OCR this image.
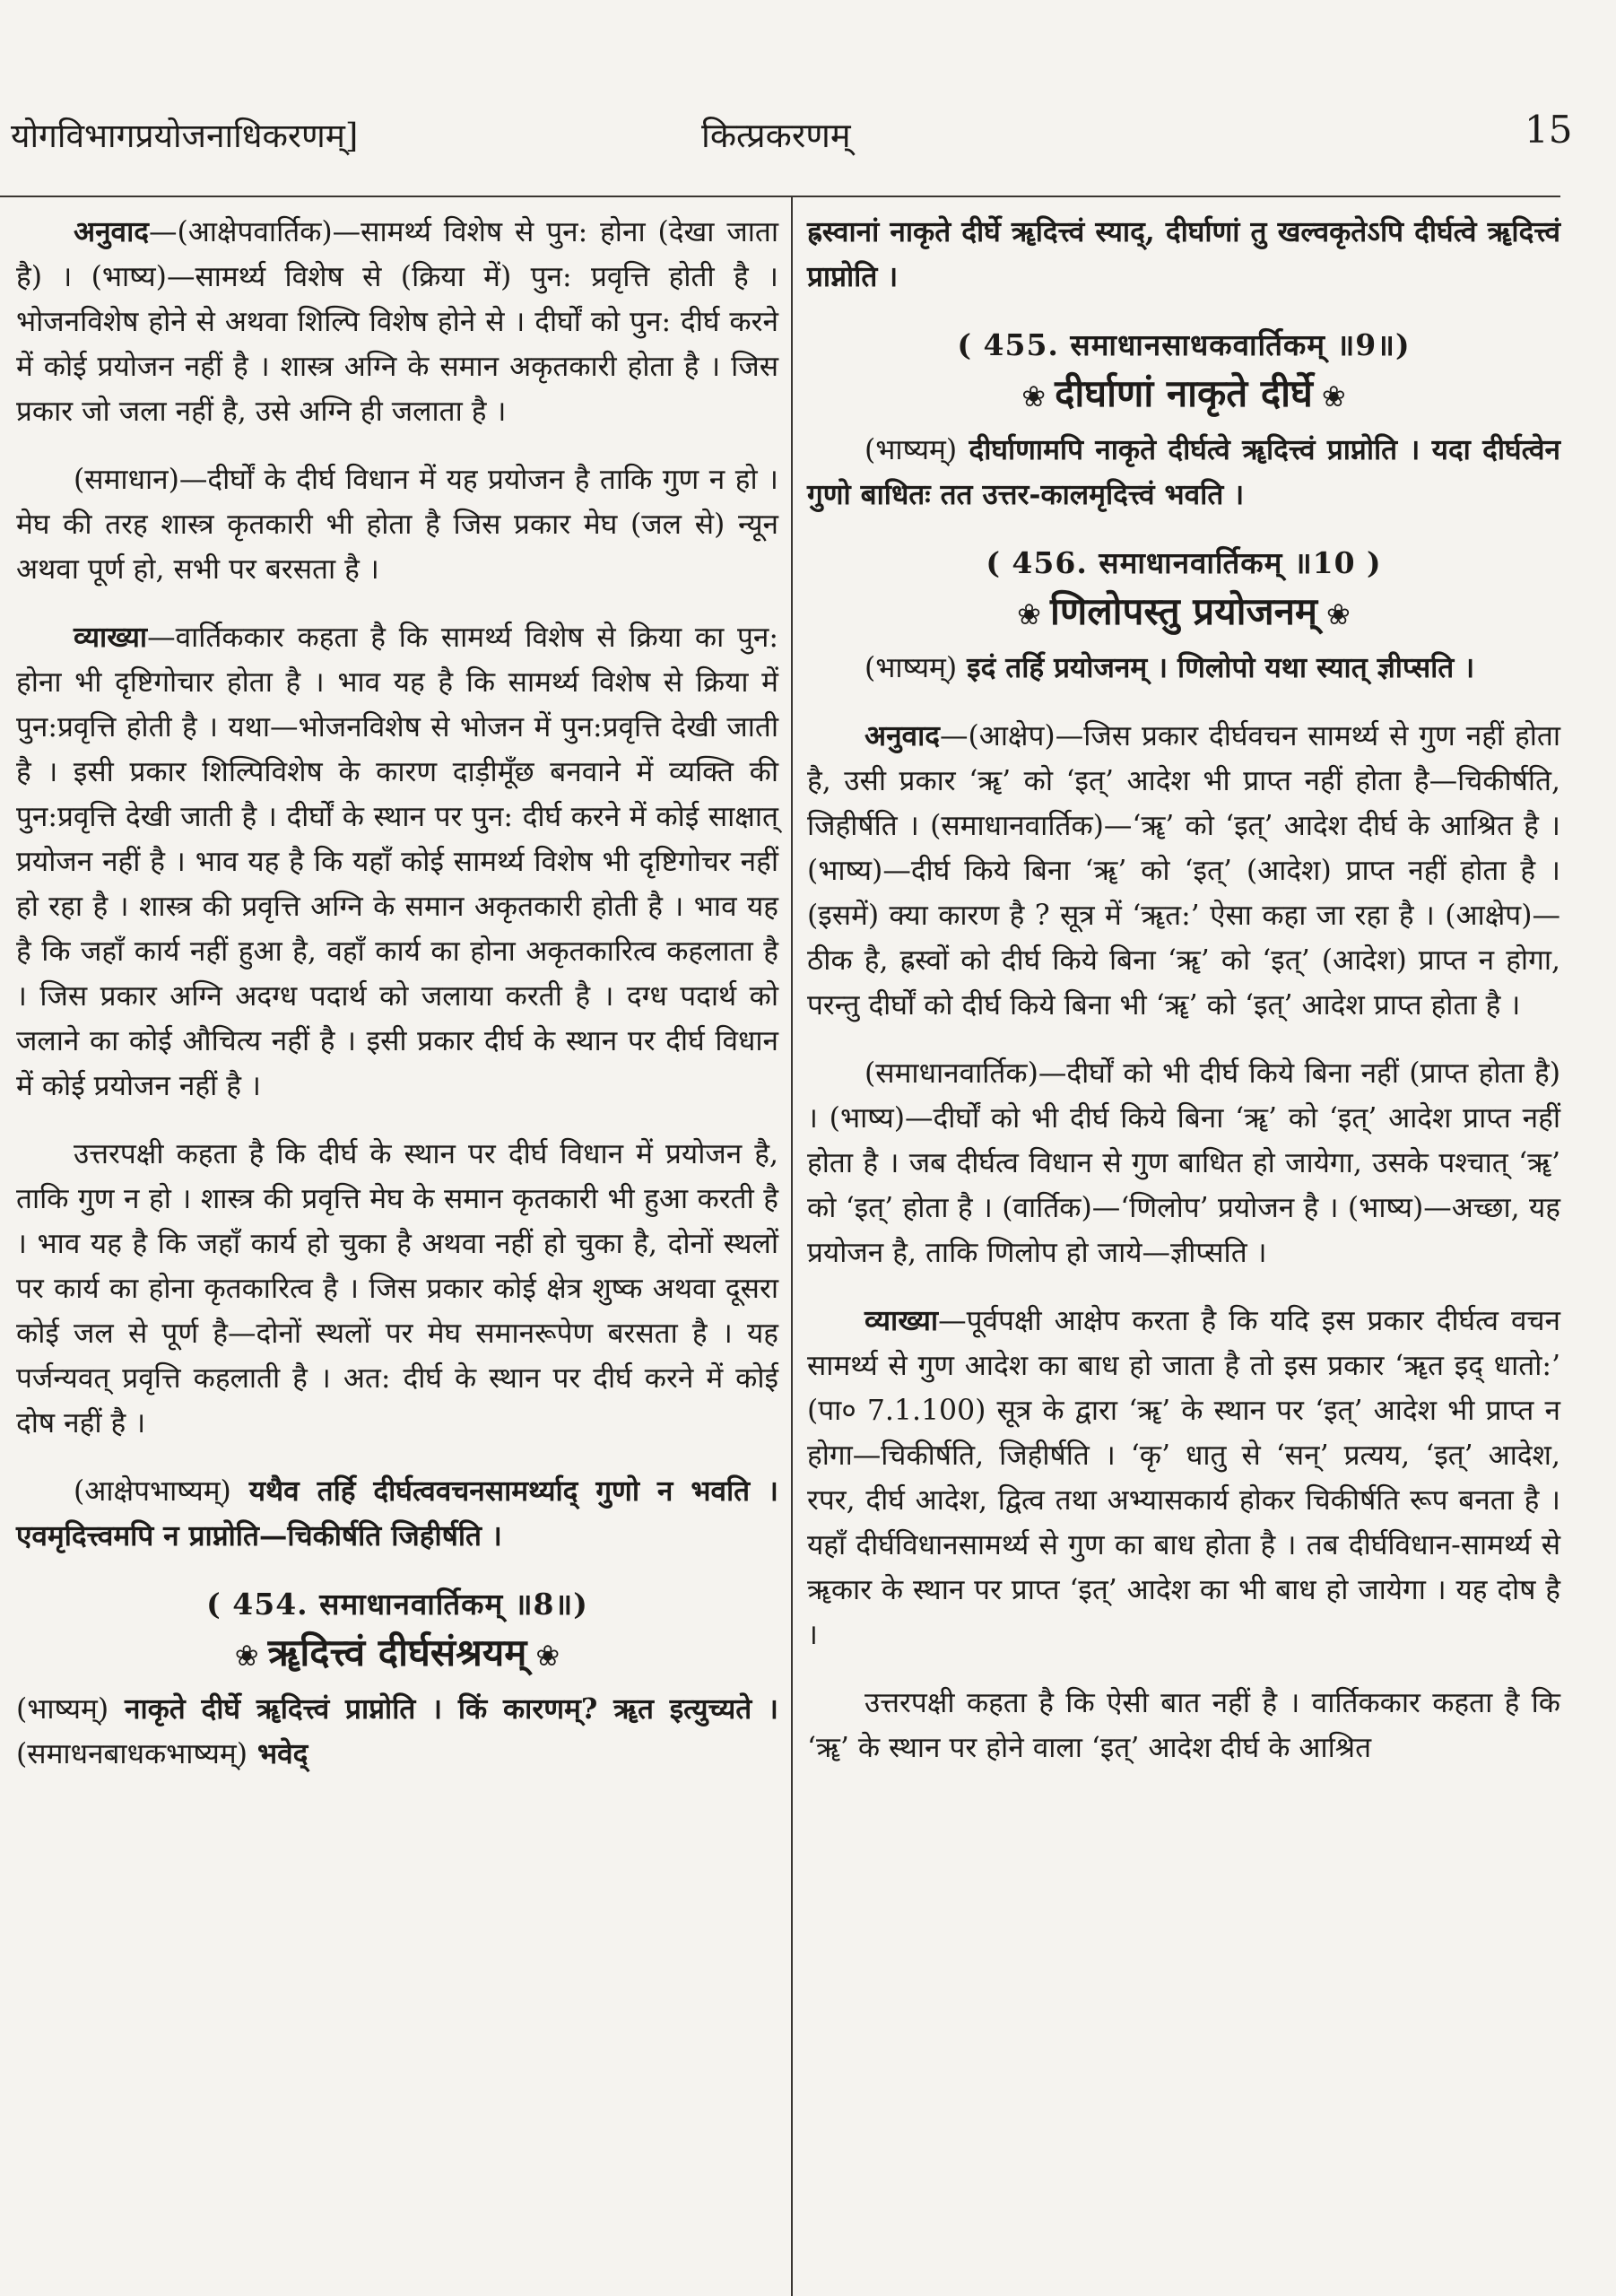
योगविभागप्रयोजनाधिकरणम्]	कित्प्रकरणम्	15

अनुवाद—(आक्षेपवार्तिक)—सामर्थ्य विशेष से पुन: होना (देखा जाता है) । (भाष्य)—सामर्थ्य विशेष से (क्रिया में) पुन: प्रवृत्ति होती है । भोजनविशेष होने से अथवा शिल्पि विशेष होने से । दीर्घों को पुन: दीर्घ करने में कोई प्रयोजन नहीं है । शास्त्र अग्नि के समान अकृतकारी होता है । जिस प्रकार जो जला नहीं है, उसे अग्नि ही जलाता है ।

(समाधान)—दीर्घों के दीर्घ विधान में यह प्रयोजन है ताकि गुण न हो । मेघ की तरह शास्त्र कृतकारी भी होता है जिस प्रकार मेघ (जल से) न्यून अथवा पूर्ण हो, सभी पर बरसता है ।

व्याख्या—वार्तिककार कहता है कि सामर्थ्य विशेष से क्रिया का पुन: होना भी दृष्टिगोचार होता है । भाव यह है कि सामर्थ्य विशेष से क्रिया में पुन:प्रवृत्ति होती है । यथा—भोजनविशेष से भोजन में पुन:प्रवृत्ति देखी जाती है । इसी प्रकार शिल्पिविशेष के कारण दाड़ीमूँछ बनवाने में व्यक्ति की पुन:प्रवृत्ति देखी जाती है । दीर्घों के स्थान पर पुन: दीर्घ करने में कोई साक्षात् प्रयोजन नहीं है । भाव यह है कि यहाँ कोई सामर्थ्य विशेष भी दृष्टिगोचर नहीं हो रहा है । शास्त्र की प्रवृत्ति अग्नि के समान अकृतकारी होती है । भाव यह है कि जहाँ कार्य नहीं हुआ है, वहाँ कार्य का होना अकृतकारित्व कहलाता है । जिस प्रकार अग्नि अदग्ध पदार्थ को जलाया करती है । दग्ध पदार्थ को जलाने का कोई औचित्य नहीं है । इसी प्रकार दीर्घ के स्थान पर दीर्घ विधान में कोई प्रयोजन नहीं है ।

उत्तरपक्षी कहता है कि दीर्घ के स्थान पर दीर्घ विधान में प्रयोजन है, ताकि गुण न हो । शास्त्र की प्रवृत्ति मेघ के समान कृतकारी भी हुआ करती है । भाव यह है कि जहाँ कार्य हो चुका है अथवा नहीं हो चुका है, दोनों स्थलों पर कार्य का होना कृतकारित्व है । जिस प्रकार कोई क्षेत्र शुष्क अथवा दूसरा कोई जल से पूर्ण है—दोनों स्थलों पर मेघ समानरूपेण बरसता है । यह पर्जन्यवत् प्रवृत्ति कहलाती है । अत: दीर्घ के स्थान पर दीर्घ करने में कोई दोष नहीं है ।

(आक्षेपभाष्यम्) यथैव तर्हि दीर्घत्ववचनसामर्थ्याद् गुणो न भवति । एवमृदित्त्वमपि न प्राप्नोति—चिकीर्षति जिहीर्षति ।

( 454. समाधानवार्तिकम् ॥8॥)
❀ ॠदित्त्वं दीर्घसंश्रयम् ❀

(भाष्यम्) नाकृते दीर्घे ॠदित्त्वं प्राप्नोति । किं कारणम्? ॠत इत्युच्यते । (समाधनबाधकभाष्यम्) भवेद्

ह्रस्वानां नाकृते दीर्घे ॠदित्त्वं स्याद्, दीर्घाणां तु खल्वकृतेऽपि दीर्घत्वे ॠदित्त्वं प्राप्नोति ।

( 455. समाधानसाधकवार्तिकम् ॥9॥)
❀ दीर्घाणां नाकृते दीर्घे ❀

(भाष्यम्) दीर्घाणामपि नाकृते दीर्घत्वे ॠदित्त्वं प्राप्नोति । यदा दीर्घत्वेन गुणो बाधितः तत उत्तर-कालमृदित्त्वं भवति ।

( 456. समाधानवार्तिकम् ॥10 )
❀ णिलोपस्तु प्रयोजनम् ❀

(भाष्यम्) इदं तर्हि प्रयोजनम् । णिलोपो यथा स्यात् ज्ञीप्सति ।

अनुवाद—(आक्षेप)—जिस प्रकार दीर्घवचन सामर्थ्य से गुण नहीं होता है, उसी प्रकार ‘ॠ’ को ‘इत्’ आदेश भी प्राप्त नहीं होता है—चिकीर्षति, जिहीर्षति । (समाधानवार्तिक)—‘ॠ’ को ‘इत्’ आदेश दीर्घ के आश्रित है । (भाष्य)—दीर्घ किये बिना ‘ॠ’ को ‘इत्’ (आदेश) प्राप्त नहीं होता है । (इसमें) क्या कारण है ? सूत्र में ‘ॠत:’ ऐसा कहा जा रहा है । (आक्षेप)—ठीक है, ह्रस्वों को दीर्घ किये बिना ‘ॠ’ को ‘इत्’ (आदेश) प्राप्त न होगा, परन्तु दीर्घों को दीर्घ किये बिना भी ‘ॠ’ को ‘इत्’ आदेश प्राप्त होता है ।

(समाधानवार्तिक)—दीर्घों को भी दीर्घ किये बिना नहीं (प्राप्त होता है) । (भाष्य)—दीर्घों को भी दीर्घ किये बिना ‘ॠ’ को ‘इत्’ आदेश प्राप्त नहीं होता है । जब दीर्घत्व विधान से गुण बाधित हो जायेगा, उसके पश्चात् ‘ॠ’ को ‘इत्’ होता है । (वार्तिक)—‘णिलोप’ प्रयोजन है । (भाष्य)—अच्छा, यह प्रयोजन है, ताकि णिलोप हो जाये—ज्ञीप्सति ।

व्याख्या—पूर्वपक्षी आक्षेप करता है कि यदि इस प्रकार दीर्घत्व वचन सामर्थ्य से गुण आदेश का बाध हो जाता है तो इस प्रकार ‘ॠत इद् धातो:’ (पा० 7.1.100) सूत्र के द्वारा ‘ॠ’ के स्थान पर ‘इत्’ आदेश भी प्राप्त न होगा—चिकीर्षति, जिहीर्षति । ‘कृ’ धातु से ‘सन्’ प्रत्यय, ‘इत्’ आदेश, रपर, दीर्घ आदेश, द्वित्व तथा अभ्यासकार्य होकर चिकीर्षति रूप बनता है । यहाँ दीर्घविधानसामर्थ्य से गुण का बाध होता है । तब दीर्घविधान-सामर्थ्य से ॠकार के स्थान पर प्राप्त ‘इत्’ आदेश का भी बाध हो जायेगा । यह दोष है ।

उत्तरपक्षी कहता है कि ऐसी बात नहीं है । वार्तिककार कहता है कि ‘ॠ’ के स्थान पर होने वाला ‘इत्’ आदेश दीर्घ के आश्रित
